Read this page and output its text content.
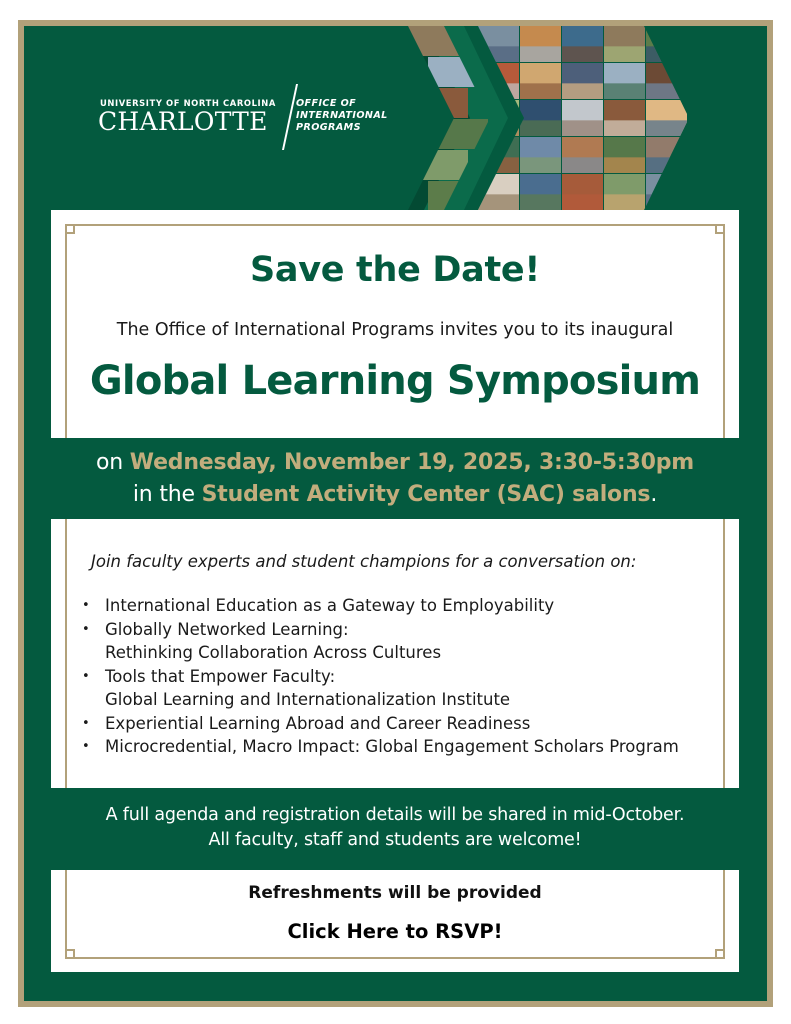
UNIVERSITY OF NORTH CAROLINA
CHARLOTTE
OFFICE OF
INTERNATIONAL
PROGRAMS
Save the Date!
The Office of International Programs invites you to its inaugural
Global Learning Symposium
on Wednesday, November 19, 2025, 3:30-5:30pm
in the Student Activity Center (SAC) salons.
Join faculty experts and student champions for a conversation on:
• International Education as a Gateway to Employability
• Globally Networked Learning:
Rethinking Collaboration Across Cultures
• Tools that Empower Faculty:
Global Learning and Internationalization Institute
• Experiential Learning Abroad and Career Readiness
• Microcredential, Macro Impact: Global Engagement Scholars Program
A full agenda and registration details will be shared in mid-October.
All faculty, staff and students are welcome!
Refreshments will be provided
Click Here to RSVP!
